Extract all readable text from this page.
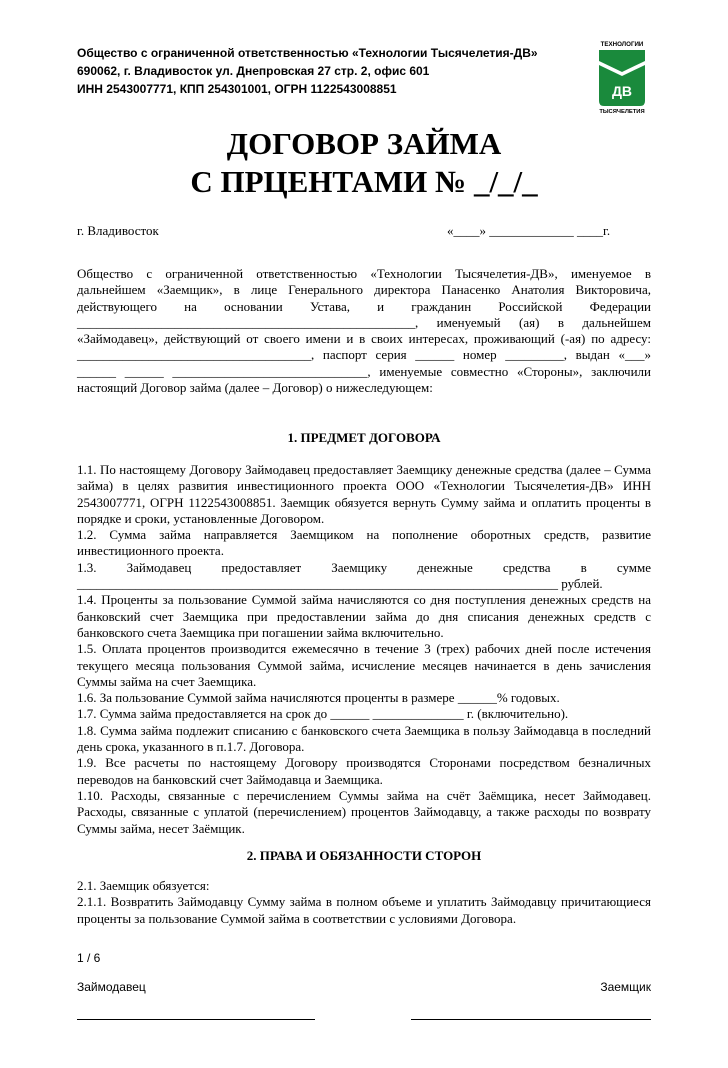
Общество с ограниченной ответственностью «Технологии Тысячелетия-ДВ»
690062, г. Владивосток ул. Днепровская 27 стр. 2, офис 601
ИНН 2543007771, КПП 254301001, ОГРН 1122543008851
ТЕХНОЛОГИИ
ДВ
ТЫСЯЧЕЛЕТИЯ
ДОГОВОР ЗАЙМА
С ПРЦЕНТАМИ № _/_/_
г. Владивосток	«____» _____________ ____г.

Общество с ограниченной ответственностью «Технологии Тысячелетия-ДВ», именуемое в дальнейшем «Заемщик», в лице Генерального директора Панасенко Анатолия Викторовича, действующего на основании Устава, и гражданин Российской Федерации ____________________________________________________, именуемый (ая) в дальнейшем «Займодавец», действующий от своего имени и в своих интересах, проживающий (-ая) по адресу: ____________________________________, паспорт серия ______ номер _________, выдан «___» ______ ______ ______________________________, именуемые совместно «Стороны», заключили настоящий Договор займа (далее – Договор) о нижеследующем:

1. ПРЕДМЕТ ДОГОВОРА

1.1. По настоящему Договору Займодавец предоставляет Заемщику денежные средства (далее – Сумма займа) в целях развития инвестиционного проекта ООО «Технологии Тысячелетия-ДВ» ИНН 2543007771, ОГРН 1122543008851. Заемщик обязуется вернуть Сумму займа и оплатить проценты в порядке и сроки, установленные Договором.

1.2. Сумма займа направляется Заемщиком на пополнение оборотных средств, развитие инвестиционного проекта.

1.3. Займодавец предоставляет Заемщику денежные средства в сумме __________________________________________________________________________ рублей.

1.4. Проценты за пользование Суммой займа начисляются со дня поступления денежных средств на банковский счет Заемщика при предоставлении займа до дня списания денежных средств с банковского счета Заемщика при погашении займа включительно.

1.5. Оплата процентов производится ежемесячно в течение 3 (трех) рабочих дней после истечения текущего месяца пользования Суммой займа, исчисление месяцев начинается в день зачисления Суммы займа на счет Заемщика.

1.6. За пользование Суммой займа начисляются проценты в размере ______% годовых.

1.7. Сумма займа предоставляется на срок до ______ ______________ г. (включительно).

1.8. Сумма займа подлежит списанию с банковского счета Заемщика в пользу Займодавца в последний день срока, указанного в п.1.7. Договора.

1.9. Все расчеты по настоящему Договору производятся Сторонами посредством безналичных переводов на банковский счет Займодавца и Заемщика.

1.10. Расходы, связанные с перечислением Суммы займа на счёт Заёмщика, несет Займодавец. Расходы, связанные с уплатой (перечислением) процентов Займодавцу, а также расходы по возврату Суммы займа, несет Заёмщик.

2. ПРАВА И ОБЯЗАННОСТИ СТОРОН

2.1. Заемщик обязуется:

2.1.1. Возвратить Займодавцу Сумму займа в полном объеме и уплатить Займодавцу причитающиеся проценты за пользование Суммой займа в соответствии с условиями Договора.

1 / 6
Займодавец	Заемщик
